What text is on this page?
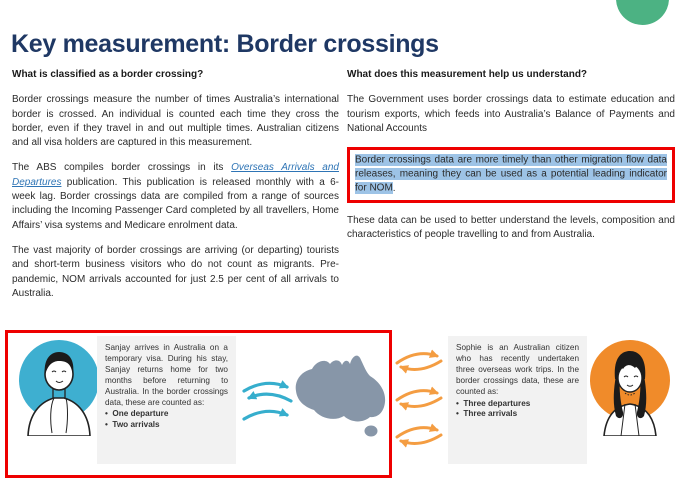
Key measurement: Border crossings
What is classified as a border crossing?

Border crossings measure the number of times Australia’s international border is crossed. An individual is counted each time they cross the border, even if they travel in and out multiple times. Australian citizens and all visa holders are captured in this measurement.

The ABS compiles border crossings in its Overseas Arrivals and Departures publication. This publication is released monthly with a 6-week lag. Border crossings data are compiled from a range of sources including the Incoming Passenger Card completed by all travellers, Home Affairs’ visa systems and Medicare enrolment data.

The vast majority of border crossings are arriving (or departing) tourists and short-term business visitors who do not count as migrants. Pre-pandemic, NOM arrivals accounted for just 2.5 per cent of all arrivals to Australia.

What does this measurement help us understand?

The Government uses border crossings data to estimate education and tourism exports, which feeds into Australia’s Balance of Payments and National Accounts

Border crossings data are more timely than other migration flow data releases, meaning they can be used as a potential leading indicator for NOM.

These data can be used to better understand the levels, composition and characteristics of people travelling to and from Australia.

Sanjay arrives in Australia on a temporary visa. During his stay, Sanjay returns home for two months before returning to Australia. In the border crossings data, these are counted as:
•  One departure
•  Two arrivals
Sophie is an Australian citizen who has recently undertaken three overseas work trips. In the border crossings data, these are counted as:
•  Three departures
•  Three arrivals
